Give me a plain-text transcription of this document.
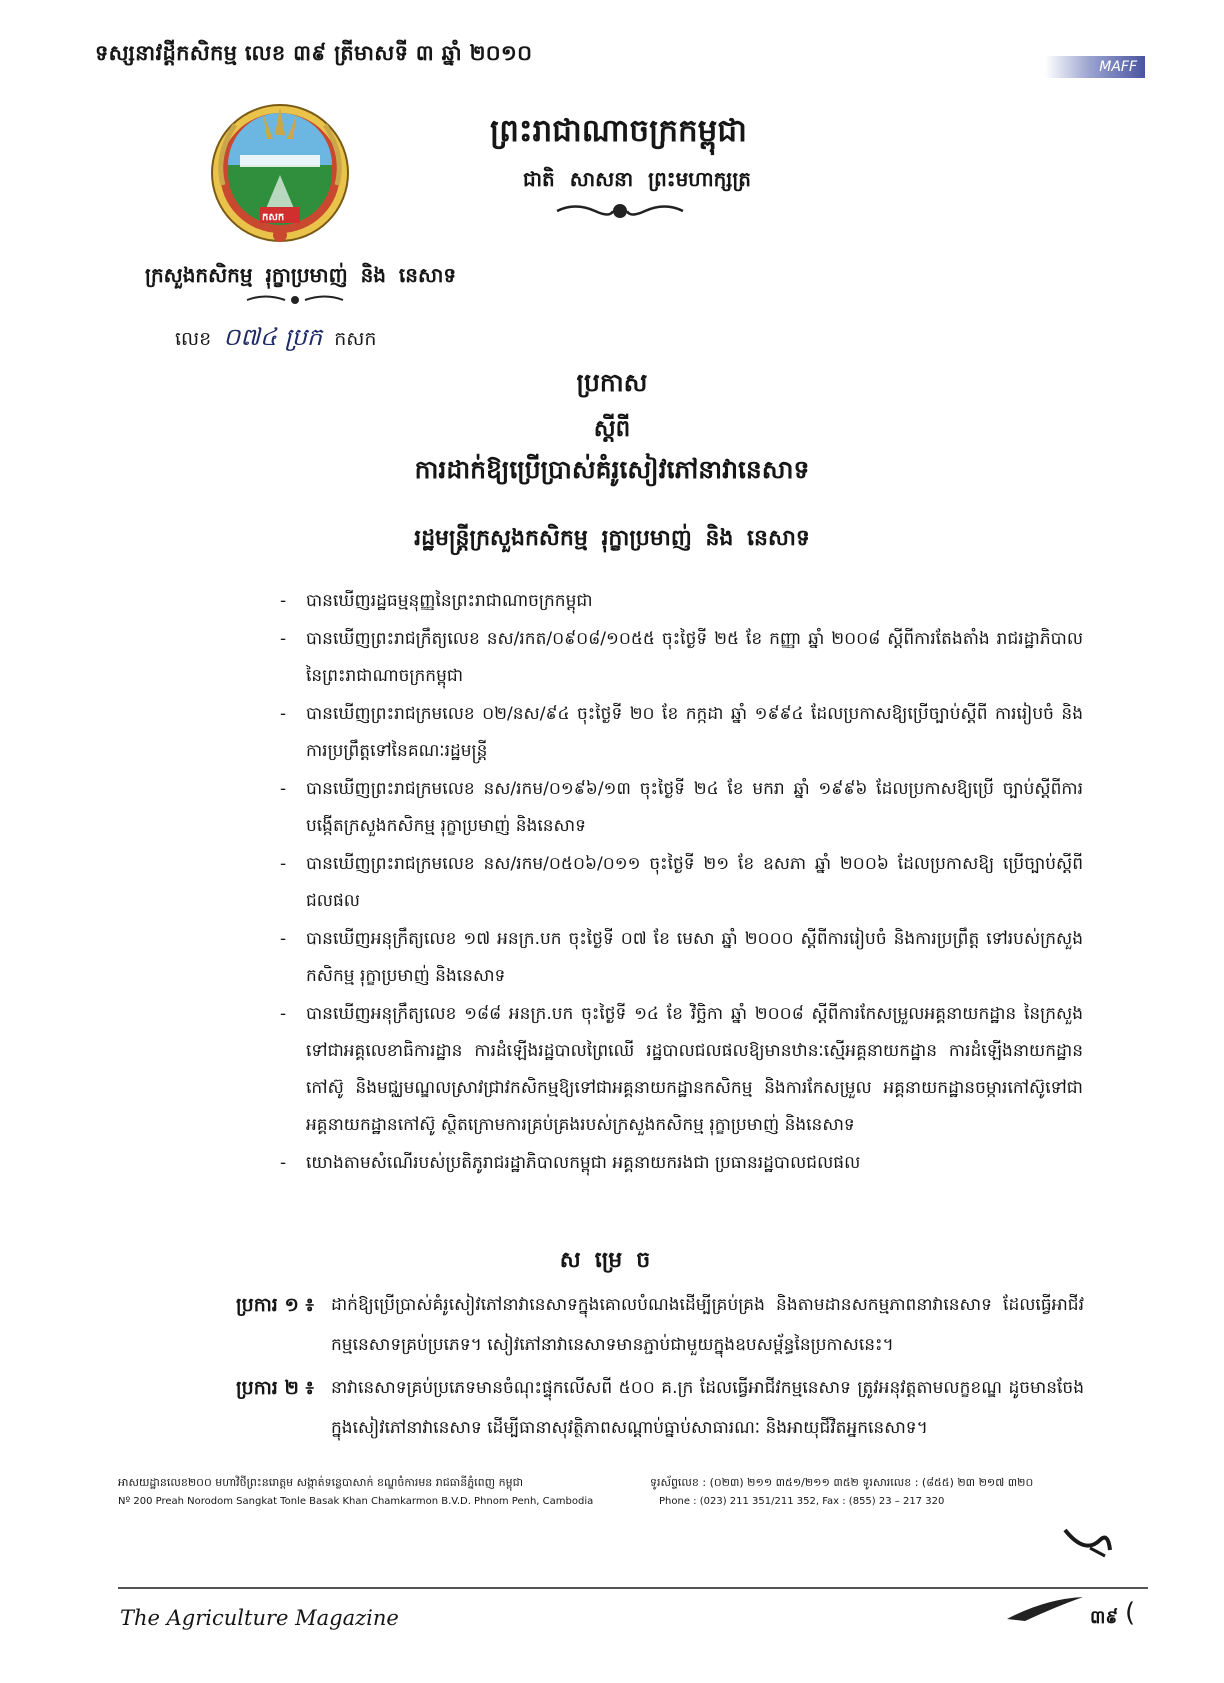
ទស្សនាវដ្តីកសិកម្ម លេខ ៣៩ ត្រីមាសទី ៣ ឆ្នាំ ២០១០
MAFF
កសក
ព្រះរាជាណាចក្រកម្ពុជា
ជាតិ សាសនា ព្រះមហាក្សត្រ
ក្រសួងកសិកម្ម រុក្ខាប្រមាញ់ និង នេសាទ
លេខ ០៧៤ ប្រក កសក
ប្រកាស
ស្តីពី
ការដាក់ឱ្យប្រើប្រាស់គំរូសៀវភៅនាវានេសាទ
រដ្ឋមន្ត្រីក្រសួងកសិកម្ម រុក្ខាប្រមាញ់ និង នេសាទ
- បានឃើញរដ្ឋធម្មនុញ្ញនៃព្រះរាជាណាចក្រកម្ពុជា
- បានឃើញព្រះរាជក្រឹត្យលេខ នស/រកត/០៩០៨/១០៥៥ ចុះថ្ងៃទី ២៥ ខែ កញ្ញា ឆ្នាំ ២០០៨ ស្តីពីការតែងតាំង រាជរដ្ឋាភិបាលនៃព្រះរាជាណាចក្រកម្ពុជា
- បានឃើញព្រះរាជក្រមលេខ ០២/នស/៩៤ ចុះថ្ងៃទី ២០ ខែ កក្កដា ឆ្នាំ ១៩៩៤ ដែលប្រកាសឱ្យប្រើច្បាប់ស្តីពី ការរៀបចំ និងការប្រព្រឹត្តទៅនៃគណៈរដ្ឋមន្ត្រី
- បានឃើញព្រះរាជក្រមលេខ នស/រកម/០១៩៦/១៣ ចុះថ្ងៃទី ២៤ ខែ មករា ឆ្នាំ ១៩៩៦ ដែលប្រកាសឱ្យប្រើ ច្បាប់ស្តីពីការបង្កើតក្រសួងកសិកម្ម រុក្ខាប្រមាញ់ និងនេសាទ
- បានឃើញព្រះរាជក្រមលេខ នស/រកម/០៥០៦/០១១ ចុះថ្ងៃទី ២១ ខែ ឧសភា ឆ្នាំ ២០០៦ ដែលប្រកាសឱ្យ ប្រើច្បាប់ស្តីពីជលផល
- បានឃើញអនុក្រឹត្យលេខ ១៧ អនក្រ.បក ចុះថ្ងៃទី ០៧ ខែ មេសា ឆ្នាំ ២០០០ ស្តីពីការរៀបចំ និងការប្រព្រឹត្ត ទៅរបស់ក្រសួងកសិកម្ម រុក្ខាប្រមាញ់ និងនេសាទ
- បានឃើញអនុក្រឹត្យលេខ ១៨៨ អនក្រ.បក ចុះថ្ងៃទី ១៤ ខែ វិច្ឆិកា ឆ្នាំ ២០០៨ ស្តីពីការកែសម្រួលអគ្គនាយកដ្ឋាន នៃក្រសួងទៅជាអគ្គលេខាធិការដ្ឋាន ការដំឡើងរដ្ឋបាលព្រៃឈើ រដ្ឋបាលជលផលឱ្យមានឋានៈស្មើអគ្គនាយកដ្ឋាន ការដំឡើងនាយកដ្ឋានកៅស៊ូ និងមជ្ឈមណ្ឌលស្រាវជ្រាវកសិកម្មឱ្យទៅជាអគ្គនាយកដ្ឋានកសិកម្ម និងការកែសម្រួល អគ្គនាយកដ្ឋានចម្ការកៅស៊ូទៅជាអគ្គនាយកដ្ឋានកៅស៊ូ ស្ថិតក្រោមការគ្រប់គ្រងរបស់ក្រសួងកសិកម្ម រុក្ខាប្រមាញ់ និងនេសាទ
- យោងតាមសំណើរបស់ប្រតិភូរាជរដ្ឋាភិបាលកម្ពុជា អគ្គនាយករងជា ប្រធានរដ្ឋបាលជលផល
សម្រេច
ប្រការ ១ ៖ ដាក់ឱ្យប្រើប្រាស់គំរូសៀវភៅនាវានេសាទក្នុងគោលបំណងដើម្បីគ្រប់គ្រង និងតាមដានសកម្មភាពនាវានេសាទ ដែលធ្វើអាជីវកម្មនេសាទគ្រប់ប្រភេទ។ សៀវភៅនាវានេសាទមានភ្ជាប់ជាមួយក្នុងឧបសម្ព័ន្ធនៃប្រកាសនេះ។
ប្រការ ២ ៖ នាវានេសាទគ្រប់ប្រភេទមានចំណុះផ្ទុកលើសពី ៥០០ គ.ក្រ ដែលធ្វើអាជីវកម្មនេសាទ ត្រូវអនុវត្តតាមលក្ខខណ្ឌ ដូចមានចែងក្នុងសៀវភៅនាវានេសាទ ដើម្បីធានាសុវត្ថិភាពសណ្តាប់ធ្នាប់សាធារណៈ និងអាយុជីវិតអ្នកនេសាទ។
អាសយដ្ឋានលេខ២០០ មហាវិថីព្រះនរោត្តម សង្កាត់ទន្លេបាសាក់ ខណ្ឌចំការមន រាជធានីភ្នំពេញ កម្ពុជា
Nº 200 Preah Norodom Sangkat Tonle Basak Khan Chamkarmon B.V.D. Phnom Penh, Cambodia
ទូរស័ព្ទលេខ : (០២៣) ២១១ ៣៥១/២១១ ៣៥២ ទូរសារលេខ : (៨៥៥) ២៣ ២១៧ ៣២០
Phone : (023) 211 351/211 352, Fax : (855) 23 – 217 320
The Agriculture Magazine	៣៩ (
